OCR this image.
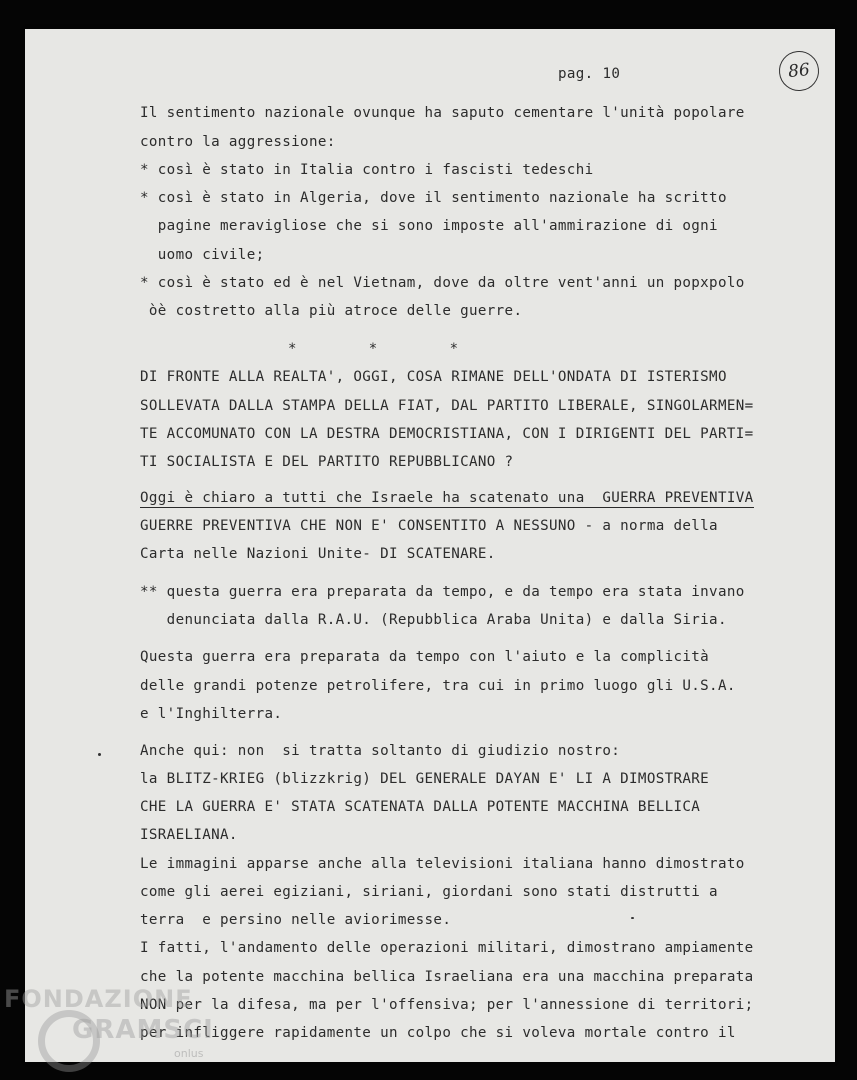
pag. 10	86
Il sentimento nazionale ovunque ha saputo cementare l'unità popolare
contro la aggressione:
* così è stato in Italia contro i fascisti tedeschi
* così è stato in Algeria, dove il sentimento nazionale ha scritto
pagine meravigliose che si sono imposte all'ammirazione di ogni
uomo civile;
* così è stato ed è nel Vietnam, dove da oltre vent'anni un popxpolo
òè costretto alla più atroce delle guerre.
*	*	*
DI FRONTE ALLA REALTA', OGGI, COSA RIMANE DELL'ONDATA DI ISTERISMO
SOLLEVATA DALLA STAMPA DELLA FIAT, DAL PARTITO LIBERALE, SINGOLARMEN=
TE ACCOMUNATO CON LA DESTRA DEMOCRISTIANA, CON I DIRIGENTI DEL PARTI=
TI SOCIALISTA E DEL PARTITO REPUBBLICANO ?
Oggi è chiaro a tutti che Israele ha scatenato una  GUERRA PREVENTIVA
GUERRE PREVENTIVA CHE NON E' CONSENTITO A NESSUNO - a norma della
Carta nelle Nazioni Unite- DI SCATENARE.
** questa guerra era preparata da tempo, e da tempo era stata invano
denunciata dalla R.A.U. (Repubblica Araba Unita) e dalla Siria.
Questa guerra era preparata da tempo con l'aiuto e la complicità
delle grandi potenze petrolifere, tra cui in primo luogo gli U.S.A.
e l'Inghilterra.
Anche qui: non  si tratta soltanto di giudizio nostro:
la BLITZ-KRIEG (blizzkrig) DEL GENERALE DAYAN E' LI A DIMOSTRARE
CHE LA GUERRA E' STATA SCATENATA DALLA POTENTE MACCHINA BELLICA
ISRAELIANA.
Le immagini apparse anche alla televisioni italiana hanno dimostrato
come gli aerei egiziani, siriani, giordani sono stati distrutti a
terra  e persino nelle aviorimesse.
I fatti, l'andamento delle operazioni militari, dimostrano ampiamente
che la potente macchina bellica Israeliana era una macchina preparata
NON per la difesa, ma per l'offensiva; per l'annessione di territori;
per infliggere rapidamente un colpo che si voleva mortale contro il
FONDAZIONE
GRAMSCI
onlus
